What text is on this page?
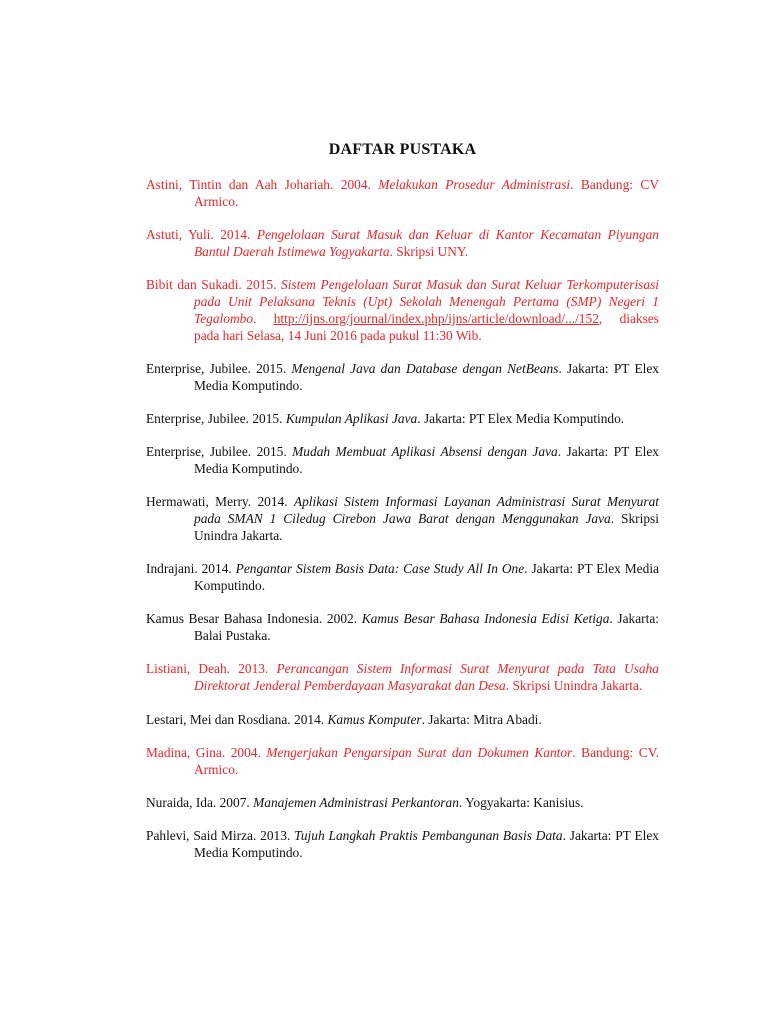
DAFTAR PUSTAKA

Astini, Tintin dan Aah Johariah. 2004. Melakukan Prosedur Administrasi. Bandung: CV Armico.

Astuti, Yuli. 2014. Pengelolaan Surat Masuk dan Keluar di Kantor Kecamatan Piyungan Bantul Daerah Istimewa Yogyakarta. Skripsi UNY.

Bibit dan Sukadi. 2015. Sistem Pengelolaan Surat Masuk dan Surat Keluar Terkomputerisasi pada Unit Pelaksana Teknis (Upt) Sekolah Menengah Pertama (SMP) Negeri 1 Tegalombo. http://ijns.org/journal/index.php/ijns/article/download/.../152, diakses pada hari Selasa, 14 Juni 2016 pada pukul 11:30 Wib.

Enterprise, Jubilee. 2015. Mengenal Java dan Database dengan NetBeans. Jakarta: PT Elex Media Komputindo.

Enterprise, Jubilee. 2015. Kumpulan Aplikasi Java. Jakarta: PT Elex Media Komputindo.

Enterprise, Jubilee. 2015. Mudah Membuat Aplikasi Absensi dengan Java. Jakarta: PT Elex Media Komputindo.

Hermawati, Merry. 2014. Aplikasi Sistem Informasi Layanan Administrasi Surat Menyurat pada SMAN 1 Ciledug Cirebon Jawa Barat dengan Menggunakan Java. Skripsi Unindra Jakarta.

Indrajani. 2014. Pengantar Sistem Basis Data: Case Study All In One. Jakarta: PT Elex Media Komputindo.

Kamus Besar Bahasa Indonesia. 2002. Kamus Besar Bahasa Indonesia Edisi Ketiga. Jakarta: Balai Pustaka.

Listiani, Deah. 2013. Perancangan Sistem Informasi Surat Menyurat pada Tata Usaha Direktorat Jenderal Pemberdayaan Masyarakat dan Desa. Skripsi Unindra Jakarta.

Lestari, Mei dan Rosdiana. 2014. Kamus Komputer. Jakarta: Mitra Abadi.

Madina, Gina. 2004. Mengerjakan Pengarsipan Surat dan Dokumen Kantor. Bandung: CV. Armico.

Nuraida, Ida. 2007. Manajemen Administrasi Perkantoran. Yogyakarta: Kanisius.

Pahlevi, Said Mirza. 2013. Tujuh Langkah Praktis Pembangunan Basis Data. Jakarta: PT Elex Media Komputindo.
